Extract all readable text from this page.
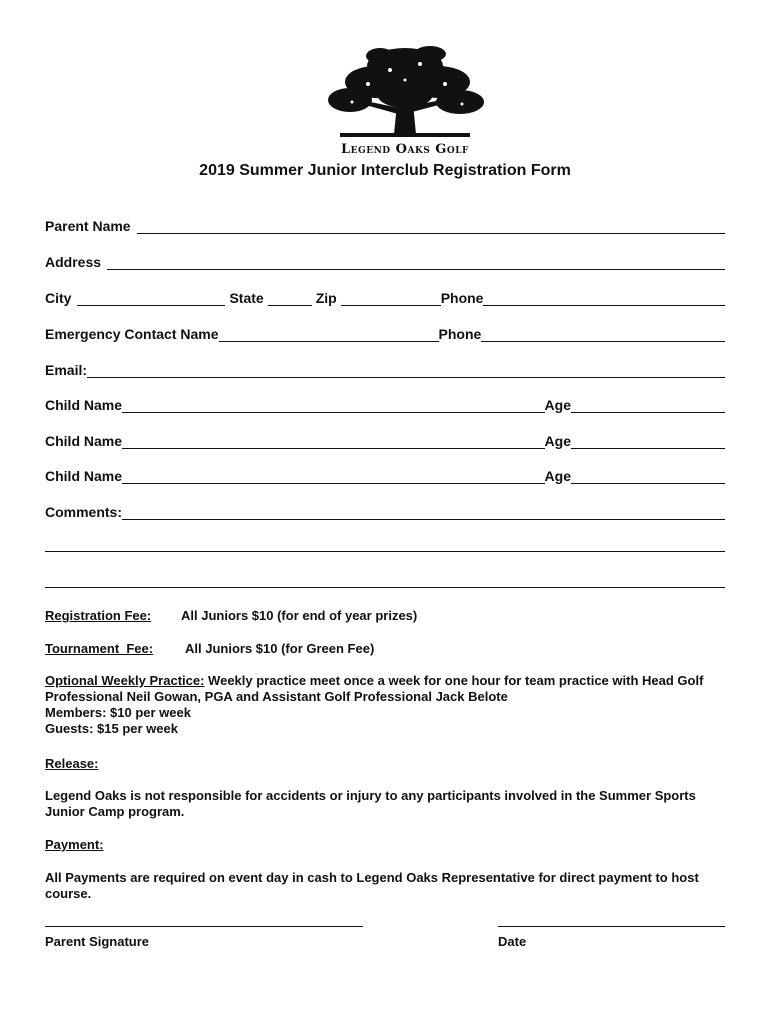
Legend Oaks Golf
2019 Summer Junior Interclub Registration Form
Parent Name
Address
City	State	Zip	Phone
Emergency Contact Name	Phone
Email:
Child Name	Age
Child Name	Age
Child Name	Age
Comments:
Registration Fee: All Juniors $10 (for end of year prizes)
Tournament  Fee: All Juniors $10 (for Green Fee)
Optional Weekly Practice: Weekly practice meet once a week for one hour for team practice with Head Golf Professional Neil Gowan, PGA and Assistant Golf Professional Jack Belote
Members: $10 per week
Guests: $15 per week
Release:
Legend Oaks is not responsible for accidents or injury to any participants involved in the Summer Sports Junior Camp program.
Payment:
All Payments are required on event day in cash to Legend Oaks Representative for direct payment to host course.
Parent Signature	Date
